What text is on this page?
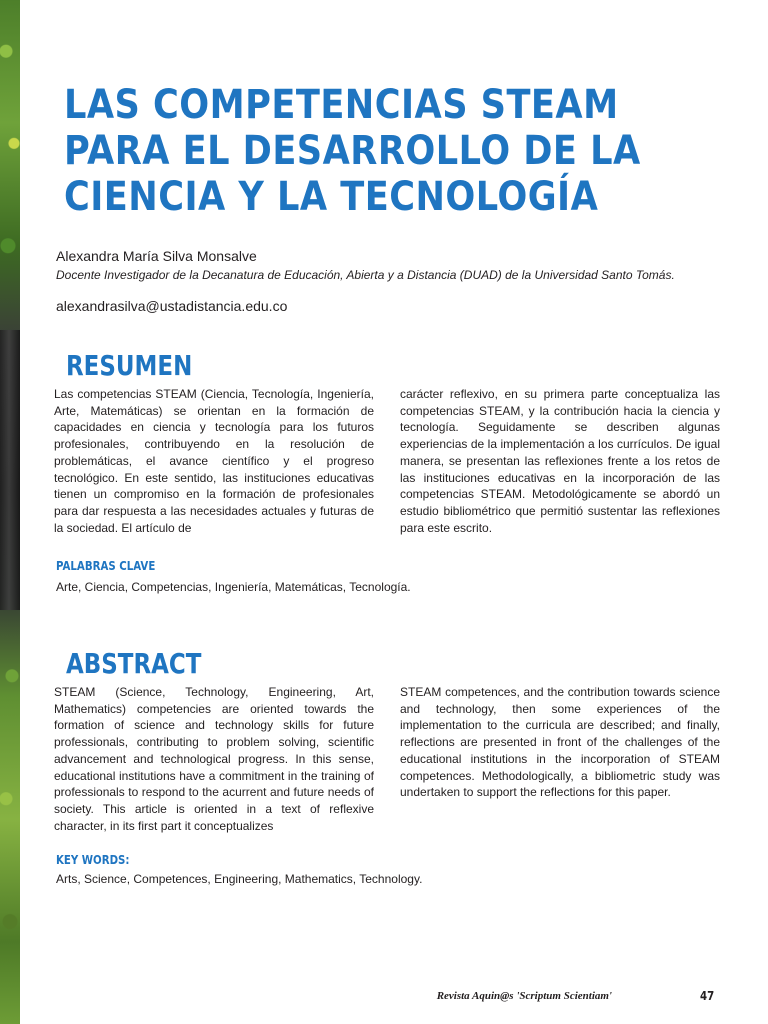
LAS COMPETENCIAS STEAM PARA EL DESARROLLO DE LA CIENCIA Y LA TECNOLOGÍA
Alexandra María Silva Monsalve
Docente Investigador de la Decanatura de Educación, Abierta y a Distancia (DUAD) de la Universidad Santo Tomás.
alexandrasilva@ustadistancia.edu.co
RESUMEN

Las competencias STEAM (Ciencia, Tecnología, Ingeniería, Arte, Matemáticas) se orientan en la formación de capacidades en ciencia y tecnología para los futuros profesionales, contribuyendo en la resolución de problemáticas, el avance científico y el progreso tecnológico. En este sentido, las instituciones educativas tienen un compromiso en la formación de profesionales para dar respuesta a las necesidades actuales y futuras de la sociedad. El artículo de

carácter reflexivo, en su primera parte conceptualiza las competencias STEAM, y la contribución hacia la ciencia y tecnología. Seguidamente se describen algunas experiencias de la implementación a los currículos. De igual manera, se presentan las reflexiones frente a los retos de las instituciones educativas en la incorporación de las competencias STEAM. Metodológicamente se abordó un estudio bibliométrico que permitió sustentar las reflexiones para este escrito.

PALABRAS CLAVE
Arte, Ciencia, Competencias, Ingeniería, Matemáticas, Tecnología.
ABSTRACT

STEAM (Science, Technology, Engineering, Art, Mathematics) competencies are oriented towards the formation of science and technology skills for future professionals, contributing to problem solving, scientific advancement and technological progress. In this sense, educational institutions have a commitment in the training of professionals to respond to the acurrent and future needs of society. This article is oriented in a text of reflexive character, in its first part it conceptualizes

STEAM competences, and the contribution towards science and technology, then some experiences of the implementation to the curricula are described; and finally, reflections are presented in front of the challenges of the educational institutions in the incorporation of STEAM competences. Methodologically, a bibliometric study was undertaken to support the reflections for this paper.

KEY WORDS:
Arts, Science, Competences, Engineering, Mathematics, Technology.
Revista Aquin@s 'Scriptum Scientiam'	47
